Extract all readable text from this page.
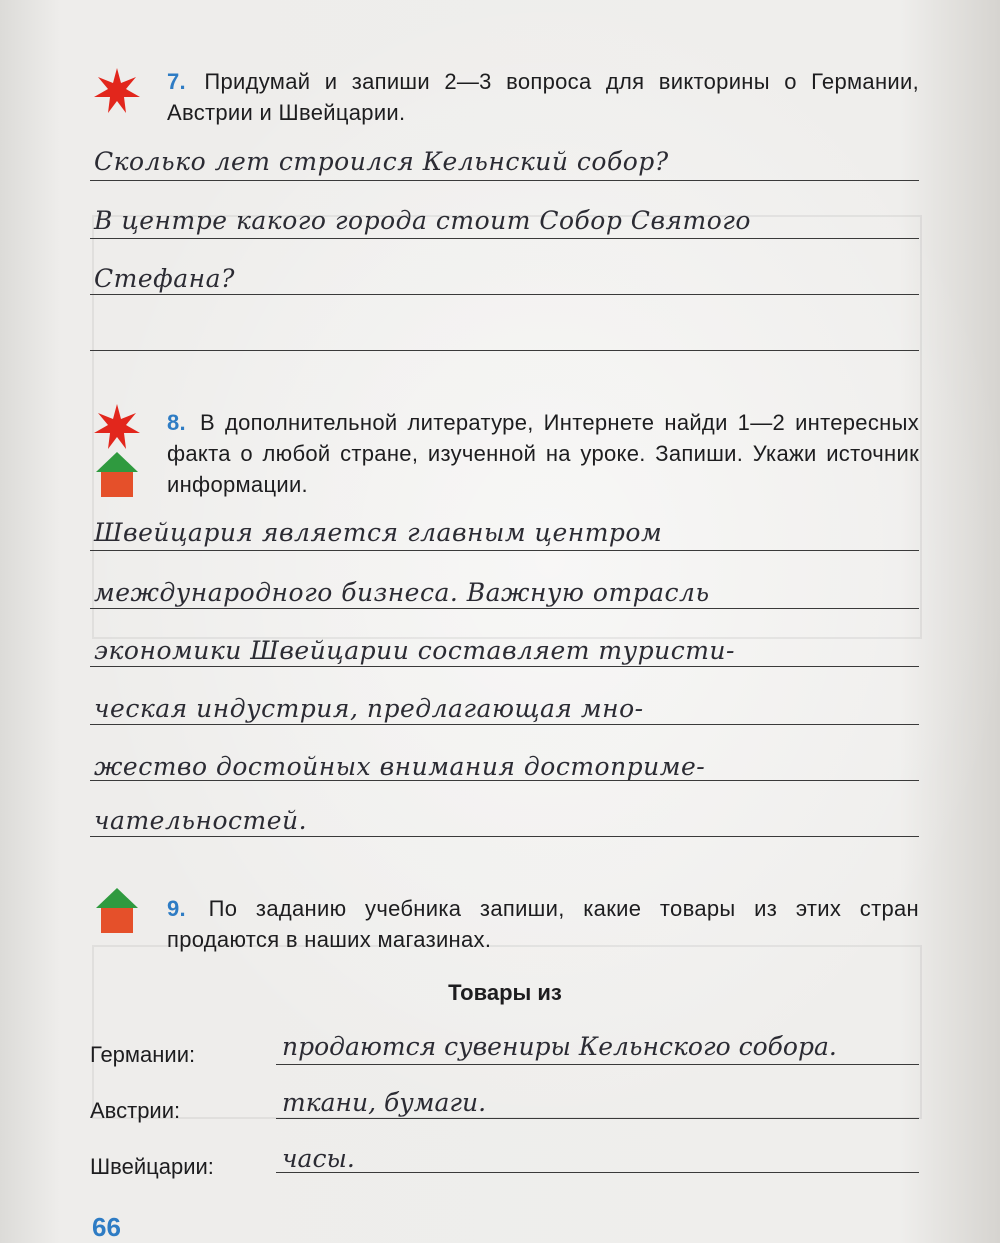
7. Придумай и запиши 2—3 вопроса для викторины о Германии, Австрии и Швейцарии.
Сколько лет строился Кельнский собор?
В центре какого города стоит Собор Святого
Стефана?
8. В дополнительной литературе, Интернете найди 1—2 интересных факта о любой стране, изученной на уроке. Запиши. Укажи источник информации.
Швейцария является главным центром
международного бизнеса. Важную отрасль
экономики Швейцарии составляет туристи-
ческая индустрия, предлагающая мно-
жество достойных внимания достоприме-
чательностей.
9. По заданию учебника запиши, какие товары из этих стран продаются в наших магазинах.
Товары из
Германии:	продаются сувениры Кельнского собора.
Австрии:	ткани, бумаги.
Швейцарии:	часы.
66
